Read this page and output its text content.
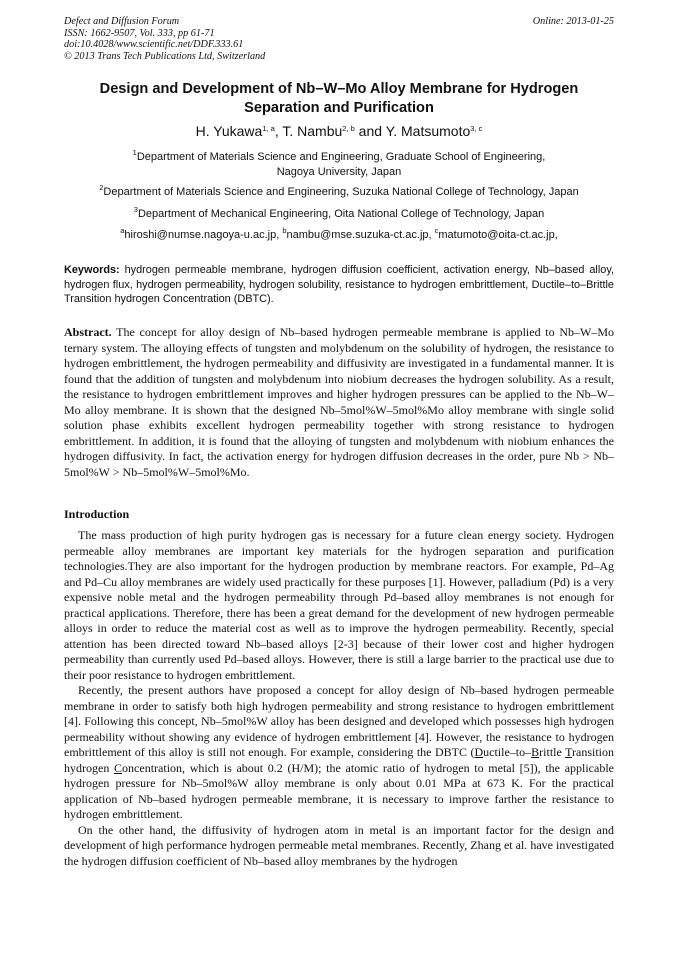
Defect and Diffusion Forum
ISSN: 1662-9507, Vol. 333, pp 61-71
doi:10.4028/www.scientific.net/DDF.333.61
© 2013 Trans Tech Publications Ltd, Switzerland
Online: 2013-01-25
Design and Development of Nb–W–Mo Alloy Membrane for Hydrogen
Separation and Purification
H. Yukawa$^{1, a}$, T. Nambu$^{2, b}$ and Y. Matsumoto$^{3, c}$
$^1$Department of Materials Science and Engineering, Graduate School of Engineering,
Nagoya University, Japan
$^2$Department of Materials Science and Engineering, Suzuka National College of Technology, Japan
$^3$Department of Mechanical Engineering, Oita National College of Technology, Japan
$^a$hiroshi@numse.nagoya-u.ac.jp, $^b$nambu@mse.suzuka-ct.ac.jp, $^c$matumoto@oita-ct.ac.jp,
Keywords: hydrogen permeable membrane, hydrogen diffusion coefficient, activation energy, Nb–based alloy, hydrogen flux, hydrogen permeability, hydrogen solubility, resistance to hydrogen embrittlement, Ductile–to–Brittle Transition hydrogen Concentration (DBTC).

Abstract. The concept for alloy design of Nb–based hydrogen permeable membrane is applied to Nb–W–Mo ternary system. The alloying effects of tungsten and molybdenum on the solubility of hydrogen, the resistance to hydrogen embrittlement, the hydrogen permeability and diffusivity are investigated in a fundamental manner. It is found that the addition of tungsten and molybdenum into niobium decreases the hydrogen solubility. As a result, the resistance to hydrogen embrittlement improves and higher hydrogen pressures can be applied to the Nb–W–Mo alloy membrane. It is shown that the designed Nb–5mol%W–5mol%Mo alloy membrane with single solid solution phase exhibits excellent hydrogen permeability together with strong resistance to hydrogen embrittlement. In addition, it is found that the alloying of tungsten and molybdenum with niobium enhances the hydrogen diffusivity. In fact, the activation energy for hydrogen diffusion decreases in the order, pure Nb > Nb–5mol%W > Nb–5mol%W–5mol%Mo.

Introduction

The mass production of high purity hydrogen gas is necessary for a future clean energy society. Hydrogen permeable alloy membranes are important key materials for the hydrogen separation and purification technologies.They are also important for the hydrogen production by membrane reactors. For example, Pd–Ag and Pd–Cu alloy membranes are widely used practically for these purposes [1]. However, palladium (Pd) is a very expensive noble metal and the hydrogen permeability through Pd–based alloy membranes is not enough for practical applications. Therefore, there has been a great demand for the development of new hydrogen permeable alloys in order to reduce the material cost as well as to improve the hydrogen permeability. Recently, special attention has been directed toward Nb–based alloys [2-3] because of their lower cost and higher hydrogen permeability than currently used Pd–based alloys. However, there is still a large barrier to the practical use due to their poor resistance to hydrogen embrittlement.

Recently, the present authors have proposed a concept for alloy design of Nb–based hydrogen permeable membrane in order to satisfy both high hydrogen permeability and strong resistance to hydrogen embrittlement [4]. Following this concept, Nb–5mol%W alloy has been designed and developed which possesses high hydrogen permeability without showing any evidence of hydrogen embrittlement [4]. However, the resistance to hydrogen embrittlement of this alloy is still not enough. For example, considering the DBTC (Ductile–to–Brittle Transition hydrogen Concentration, which is about 0.2 (H/M); the atomic ratio of hydrogen to metal [5]), the applicable hydrogen pressure for Nb–5mol%W alloy membrane is only about 0.01 MPa at 673 K. For the practical application of Nb–based hydrogen permeable membrane, it is necessary to improve farther the resistance to hydrogen embrittlement.

On the other hand, the diffusivity of hydrogen atom in metal is an important factor for the design and development of high performance hydrogen permeable metal membranes. Recently, Zhang et al. have investigated the hydrogen diffusion coefficient of Nb–based alloy membranes by the hydrogen
